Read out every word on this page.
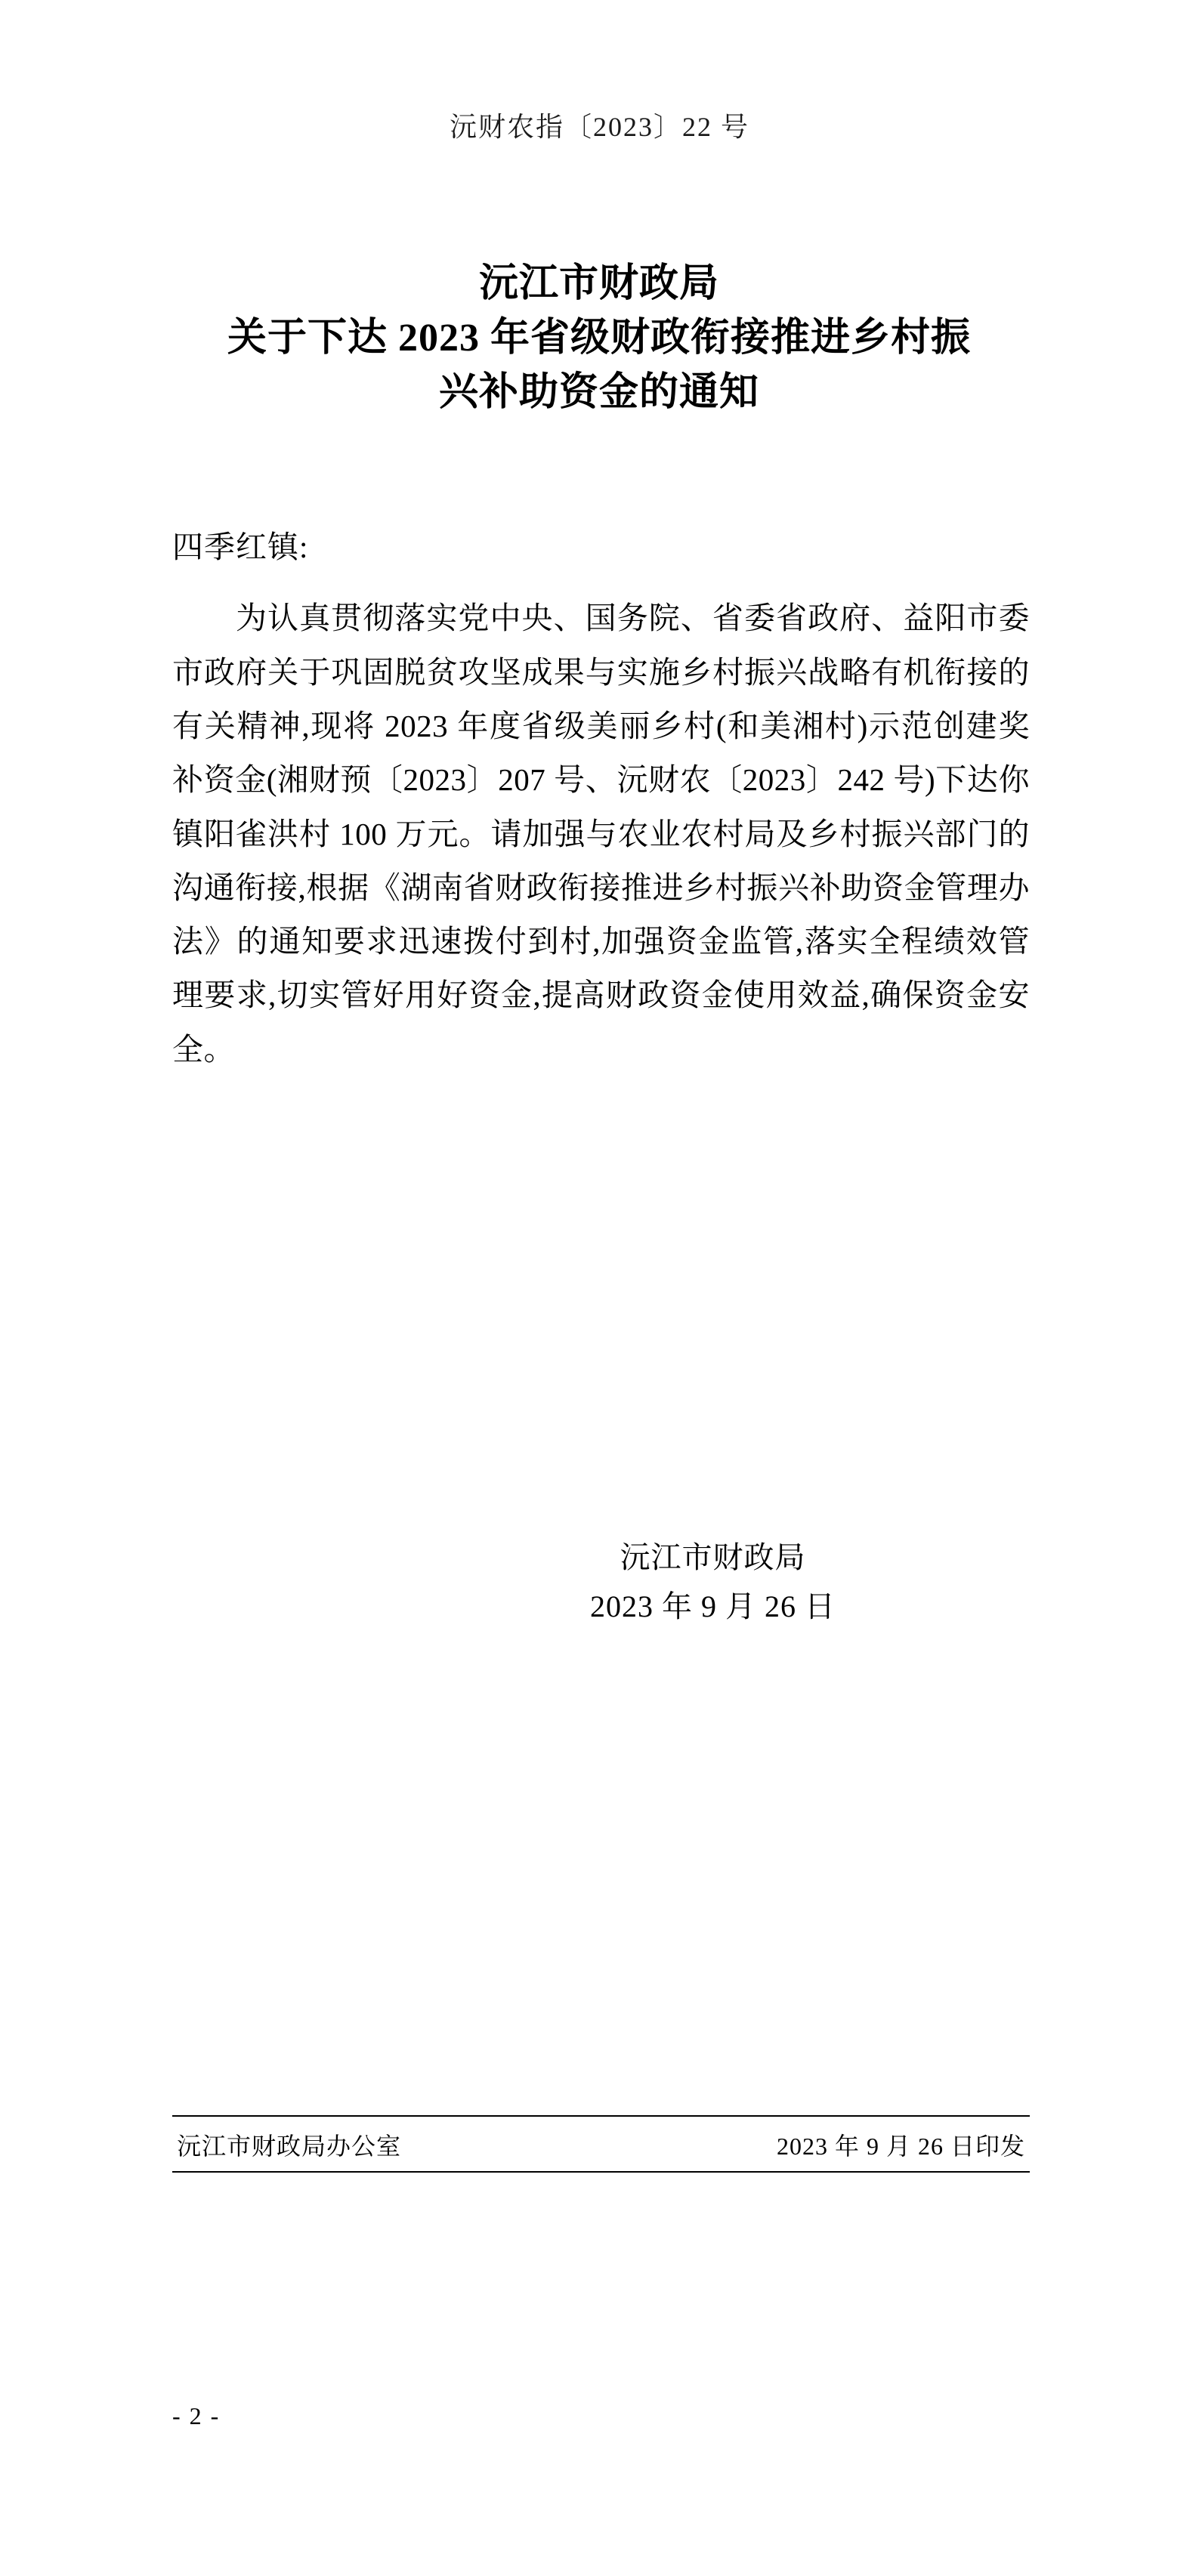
沅财农指〔2023〕22 号
沅江市财政局
关于下达 2023 年省级财政衔接推进乡村振
兴补助资金的通知
四季红镇:
为认真贯彻落实党中央、国务院、省委省政府、益阳市委市政府关于巩固脱贫攻坚成果与实施乡村振兴战略有机衔接的有关精神,现将 2023 年度省级美丽乡村(和美湘村)示范创建奖补资金(湘财预〔2023〕207 号、沅财农〔2023〕242 号)下达你镇阳雀洪村 100 万元。请加强与农业农村局及乡村振兴部门的沟通衔接,根据《湖南省财政衔接推进乡村振兴补助资金管理办法》的通知要求迅速拨付到村,加强资金监管,落实全程绩效管理要求,切实管好用好资金,提高财政资金使用效益,确保资金安全。
沅江市财政局
2023 年 9 月 26 日
沅江市财政局办公室	2023 年 9 月 26 日印发
- 2 -
